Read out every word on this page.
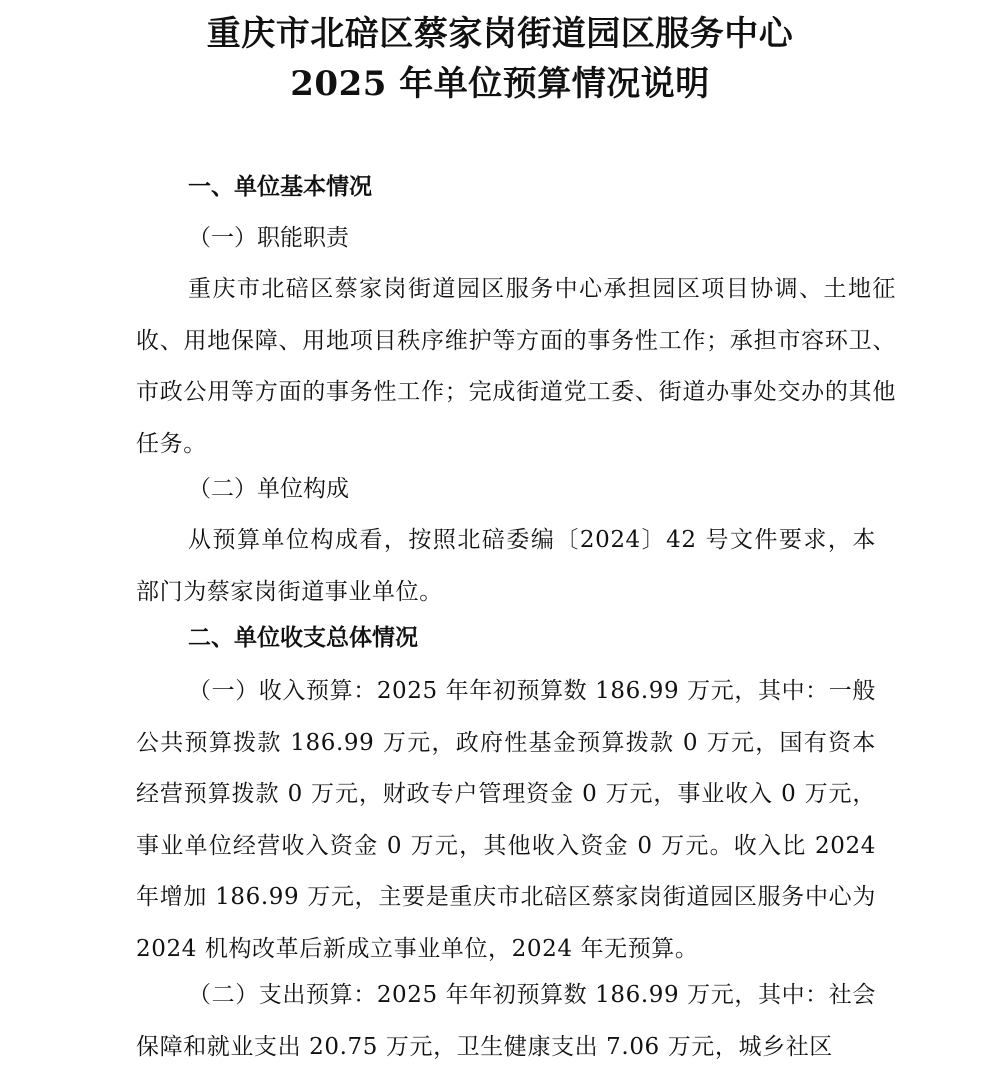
重庆市北碚区蔡家岗街道园区服务中心
2025 年单位预算情况说明
一、单位基本情况
（一）职能职责
重庆市北碚区蔡家岗街道园区服务中心承担园区项目协调、土地征收、用地保障、用地项目秩序维护等方面的事务性工作；承担市容环卫、市政公用等方面的事务性工作；完成街道党工委、街道办事处交办的其他任务。
（二）单位构成
从预算单位构成看，按照北碚委编〔2024〕42 号文件要求，本部门为蔡家岗街道事业单位。
二、单位收支总体情况
（一）收入预算：2025 年年初预算数 186.99 万元，其中：一般公共预算拨款 186.99 万元，政府性基金预算拨款 0 万元，国有资本经营预算拨款 0 万元，财政专户管理资金 0 万元，事业收入 0 万元，事业单位经营收入资金 0 万元，其他收入资金 0 万元。收入比 2024 年增加 186.99 万元，主要是重庆市北碚区蔡家岗街道园区服务中心为 2024 机构改革后新成立事业单位，2024 年无预算。
（二）支出预算：2025 年年初预算数 186.99 万元，其中：社会保障和就业支出 20.75 万元，卫生健康支出 7.06 万元，城乡社区
